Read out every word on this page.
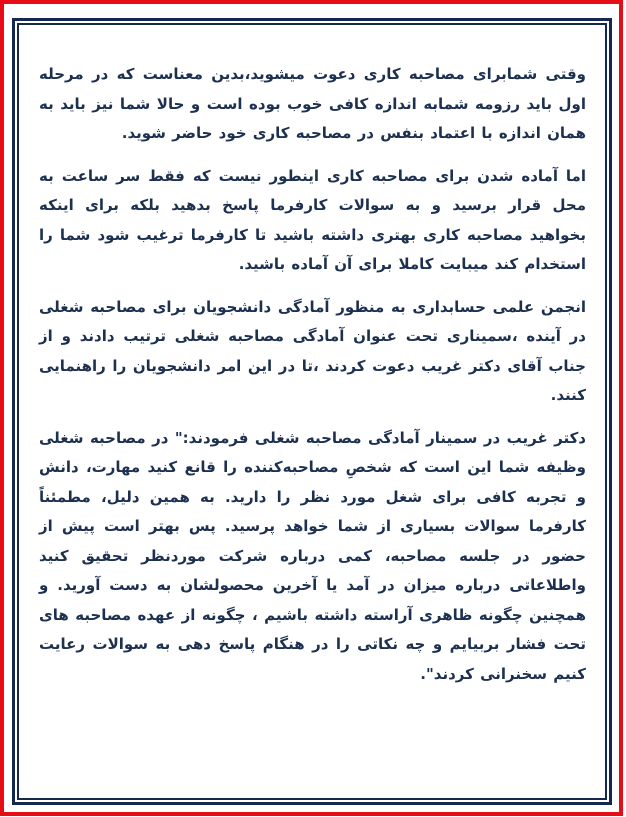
وقتی شمابرای مصاحبه کاری دعوت میشوید،بدین معناست که در مرحله اول باید رزومه شمابه اندازه کافی خوب بوده است و حالا شما نیز باید به همان اندازه با اعتماد بنفس در مصاحبه کاری خود حاضر شوید.

اما آماده شدن برای مصاحبه کاری اینطور نیست که فقط سر ساعت به محل قرار برسید و به سوالات کارفرما پاسخ بدهید بلکه برای اینکه بخواهید مصاحبه کاری بهتری داشته باشید تا کارفرما ترغیب شود شما را استخدام کند میبایت کاملا برای آن آماده باشید.

انجمن علمی حسابداری به منظور آمادگی دانشجویان برای مصاحبه شغلی در آینده ،سمیناری تحت عنوان آمادگی مصاحبه شغلی ترتیب دادند و از جناب آقای دکتر غریب دعوت کردند ،تا در این امر دانشجویان را راهنمایی کنند.

دکتر غریب در سمینار آمادگی مصاحبه شغلی فرمودند:" در مصاحبه شغلی وظیفه شما این است که شخصِ مصاحبه‌کننده را قانع کنید مهارت، دانش و تجربه کافی برای شغل مورد نظر را دارید. به همین دلیل، مطمئناً کارفرما سوالات بسیاری از شما خواهد پرسید. پس بهتر است پیش از حضور در جلسه مصاحبه، کمی درباره شرکت موردنظر تحقیق کنید واطلاعاتی درباره میزان در آمد یا آخرین محصولشان به دست آورید. و همچنین چگونه ظاهری آراسته داشته باشیم ، چگونه از عهده مصاحبه های تحت فشار بربیایم و چه نکاتی را در هنگام پاسخ دهی به سوالات رعایت کنیم سخنرانی کردند".
